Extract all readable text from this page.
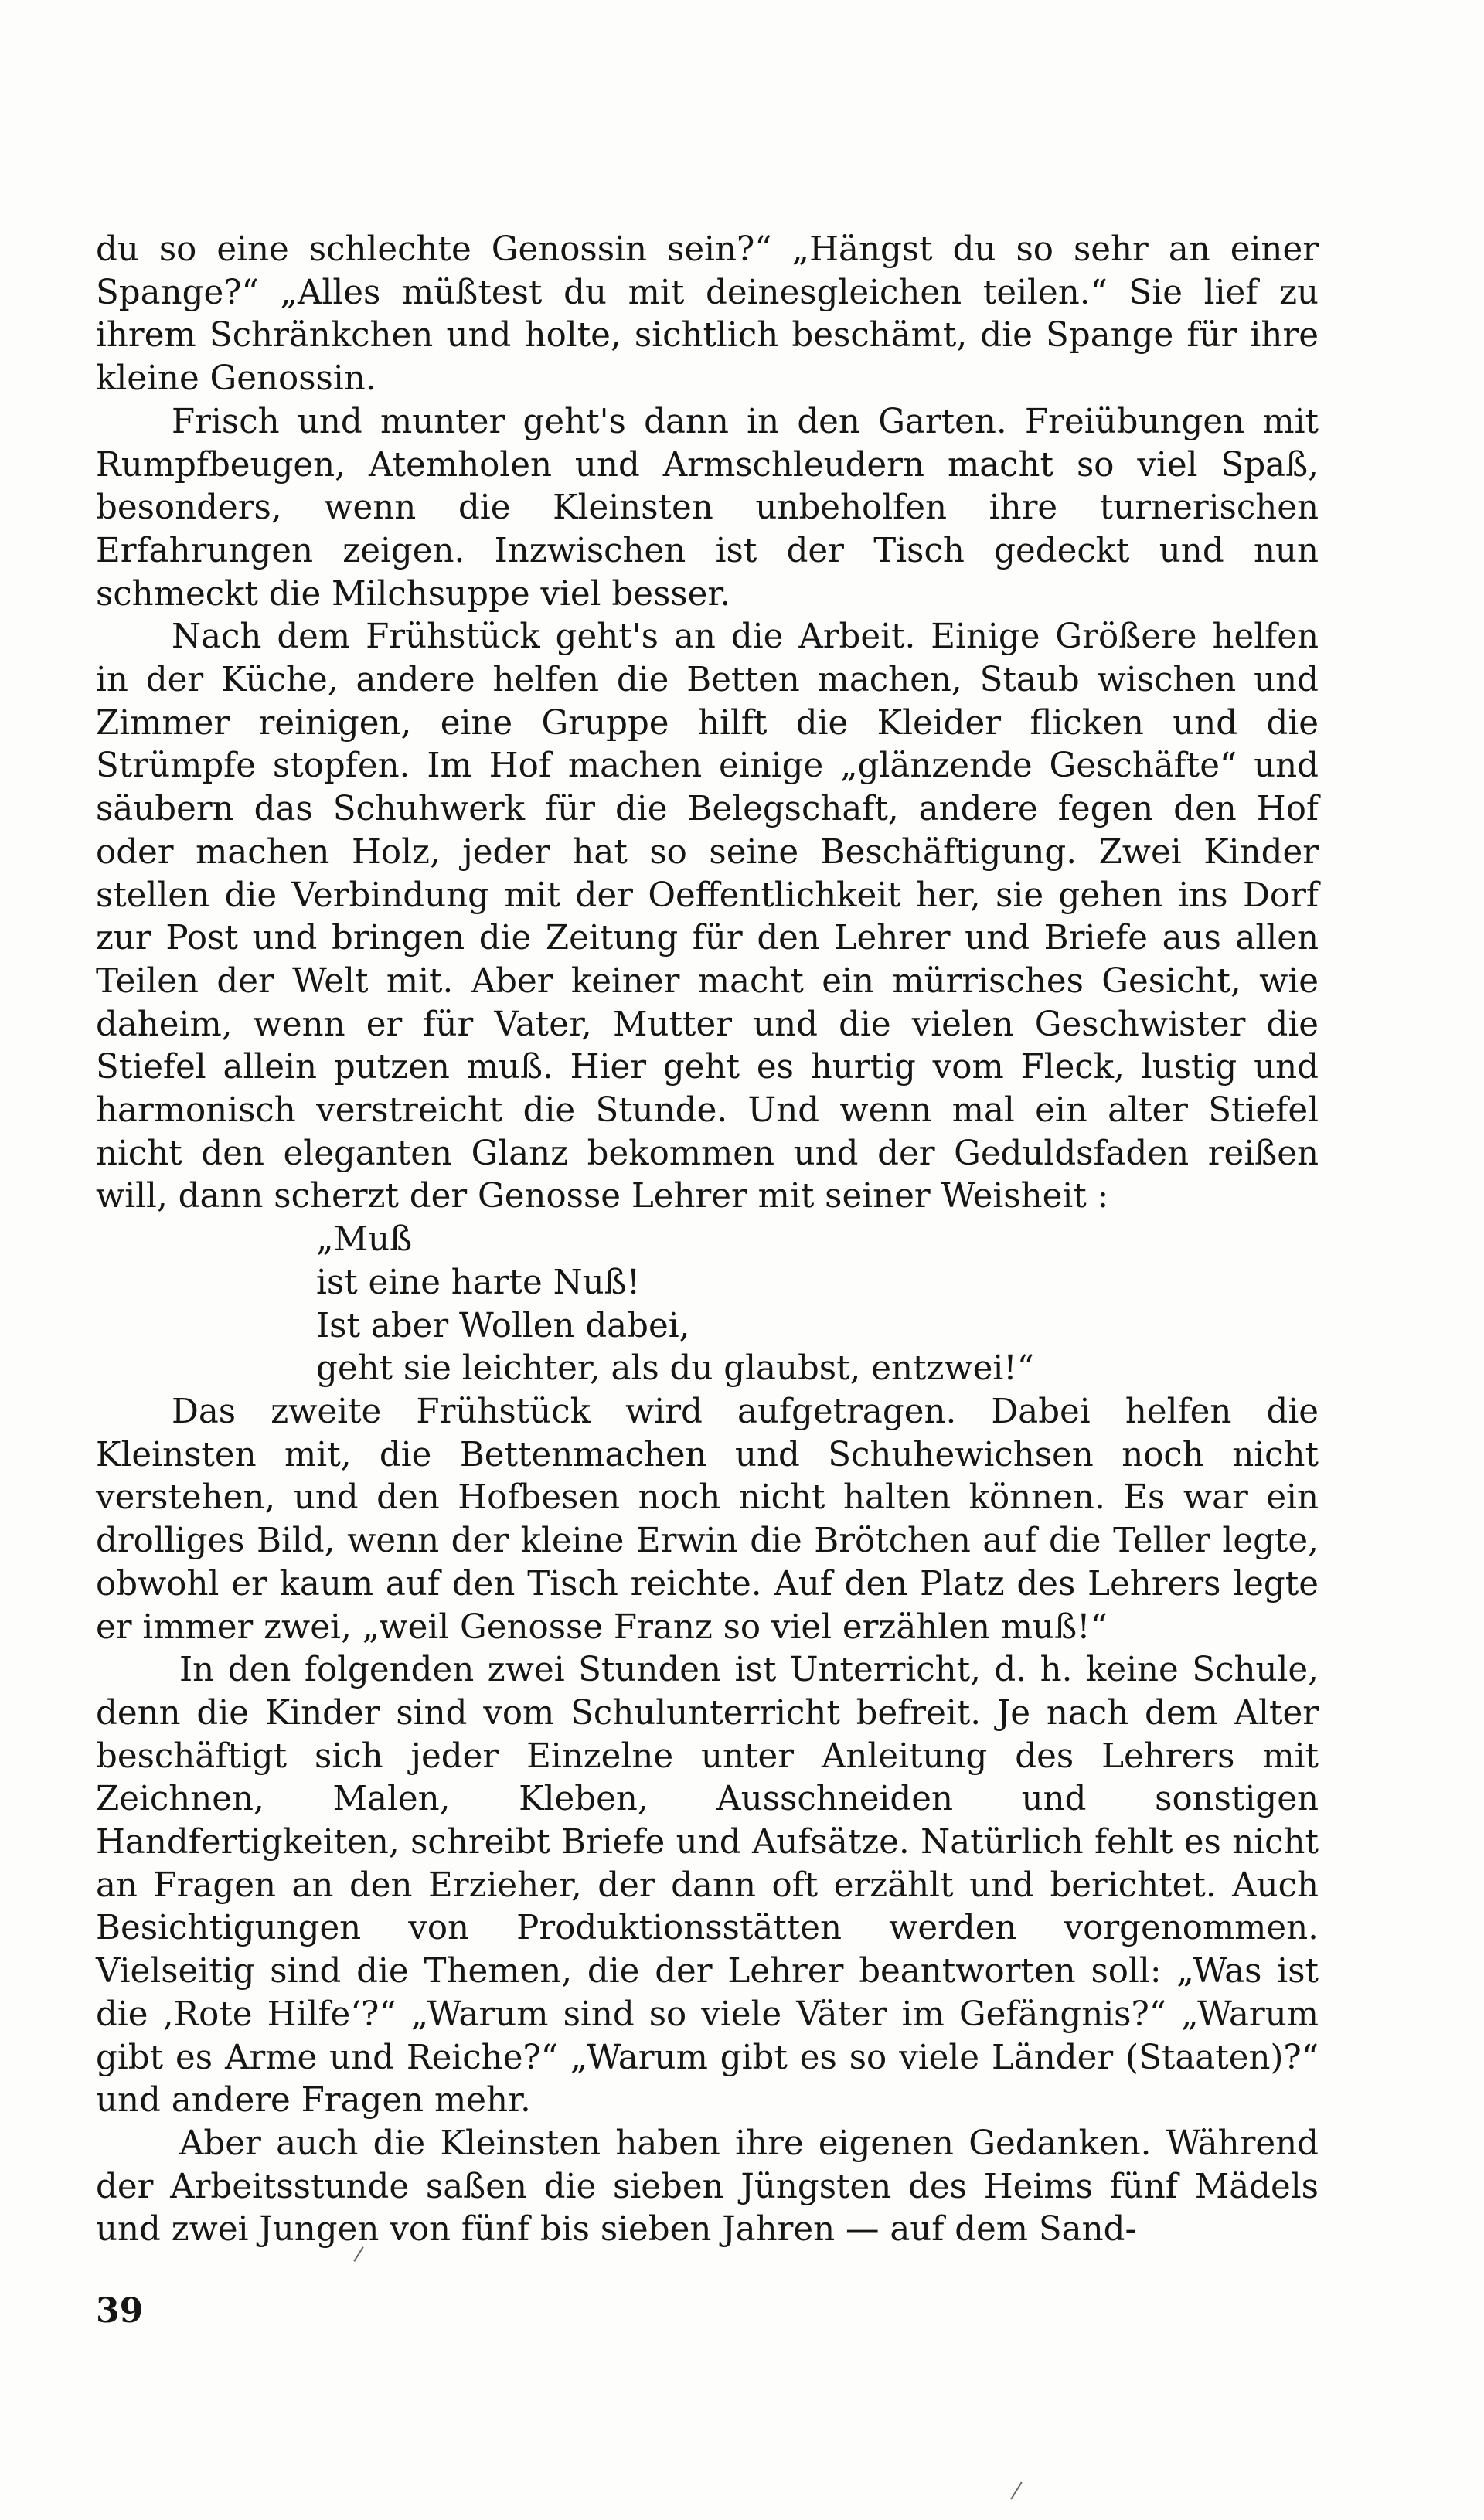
du so eine schlechte Genossin sein?“ „Hängst du so sehr an einer Spange?“ „Alles müßtest du mit deinesgleichen teilen.“ Sie lief zu ihrem Schränkchen und holte, sichtlich beschämt, die Spange für ihre kleine Genossin.

Frisch und munter geht's dann in den Garten. Freiübungen mit Rumpfbeugen, Atemholen und Armschleudern macht so viel Spaß, besonders, wenn die Kleinsten unbeholfen ihre turnerischen Erfahrungen zeigen. Inzwischen ist der Tisch gedeckt und nun schmeckt die Milchsuppe viel besser.

Nach dem Frühstück geht's an die Arbeit. Einige Größere helfen in der Küche, andere helfen die Betten machen, Staub wischen und Zimmer reinigen, eine Gruppe hilft die Kleider flicken und die Strümpfe stopfen. Im Hof machen einige „glänzende Geschäfte“ und säubern das Schuhwerk für die Belegschaft, andere fegen den Hof oder machen Holz, jeder hat so seine Beschäftigung. Zwei Kinder stellen die Verbindung mit der Oeffentlichkeit her, sie gehen ins Dorf zur Post und bringen die Zeitung für den Lehrer und Briefe aus allen Teilen der Welt mit. Aber keiner macht ein mürrisches Gesicht, wie daheim, wenn er für Vater, Mutter und die vielen Geschwister die Stiefel allein putzen muß. Hier geht es hurtig vom Fleck, lustig und harmonisch verstreicht die Stunde. Und wenn mal ein alter Stiefel nicht den eleganten Glanz bekommen und der Geduldsfaden reißen will, dann scherzt der Genosse Lehrer mit seiner Weisheit :

„Muß
ist eine harte Nuß!
Ist aber Wollen dabei,
geht sie leichter, als du glaubst, entzwei!“

Das zweite Frühstück wird aufgetragen. Dabei helfen die Kleinsten mit, die Bettenmachen und Schuhewichsen noch nicht verstehen, und den Hofbesen noch nicht halten können. Es war ein drolliges Bild, wenn der kleine Erwin die Brötchen auf die Teller legte, obwohl er kaum auf den Tisch reichte. Auf den Platz des Lehrers legte er immer zwei, „weil Genosse Franz so viel erzählen muß!“

In den folgenden zwei Stunden ist Unterricht, d. h. keine Schule, denn die Kinder sind vom Schulunterricht befreit. Je nach dem Alter beschäftigt sich jeder Einzelne unter Anleitung des Lehrers mit Zeichnen, Malen, Kleben, Ausschneiden und sonstigen Handfertigkeiten, schreibt Briefe und Aufsätze. Natürlich fehlt es nicht an Fragen an den Erzieher, der dann oft erzählt und berichtet. Auch Besichtigungen von Produktionsstätten werden vorgenommen. Vielseitig sind die Themen, die der Lehrer beantworten soll: „Was ist die ‚Rote Hilfe‘?“ „Warum sind so viele Väter im Gefängnis?“ „Warum gibt es Arme und Reiche?“ „Warum gibt es so viele Länder (Staaten)?“ und andere Fragen mehr.

Aber auch die Kleinsten haben ihre eigenen Gedanken. Während der Arbeitsstunde saßen die sieben Jüngsten des Heims fünf Mädels und zwei Jungen von fünf bis sieben Jahren — auf dem Sand-

39
